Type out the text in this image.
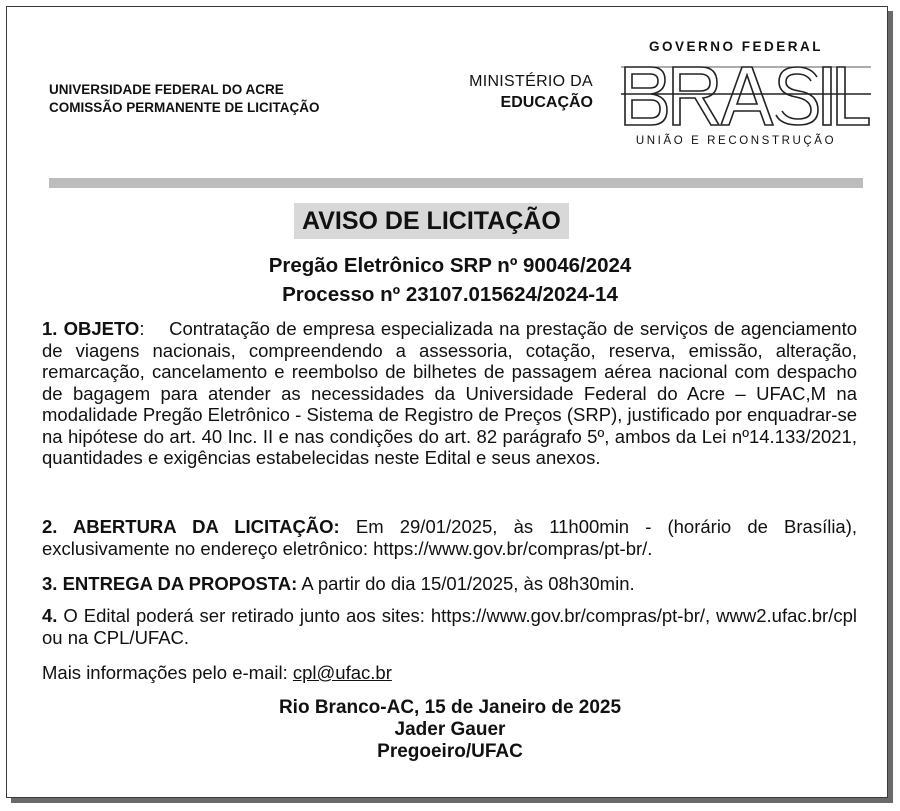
UNIVERSIDADE FEDERAL DO ACRE
COMISSÃO PERMANENTE DE LICITAÇÃO
MINISTÉRIO DA
EDUCAÇÃO
GOVERNO FEDERAL
UNIÃO E RECONSTRUÇÃO
AVISO DE LICITAÇÃO
Pregão Eletrônico SRP nº 90046/2024
Processo nº 23107.015624/2024-14

1. OBJETO:    Contratação de empresa especializada na prestação de serviços de agenciamento de viagens nacionais, compreendendo a assessoria, cotação, reserva, emissão, alteração, remarcação, cancelamento e reembolso de bilhetes de passagem aérea nacional com despacho de bagagem para atender as necessidades da Universidade Federal do Acre – UFAC,M na modalidade Pregão Eletrônico - Sistema de Registro de Preços (SRP), justificado por enquadrar-se na hipótese do art. 40 Inc. II e nas condições do art. 82 parágrafo 5º, ambos da Lei nº14.133/2021, quantidades e exigências estabelecidas neste Edital e seus anexos.

2. ABERTURA DA LICITAÇÃO: Em 29/01/2025, às 11h00min - (horário de Brasília), exclusivamente no endereço eletrônico: https://www.gov.br/compras/pt-br/.

3. ENTREGA DA PROPOSTA: A partir do dia 15/01/2025, às 08h30min.

4. O Edital poderá ser retirado junto aos sites: https://www.gov.br/compras/pt-br/, www2.ufac.br/cpl ou na CPL/UFAC.

Mais informações pelo e-mail: cpl@ufac.br

Rio Branco-AC, 15 de Janeiro de 2025
Jader Gauer
Pregoeiro/UFAC
